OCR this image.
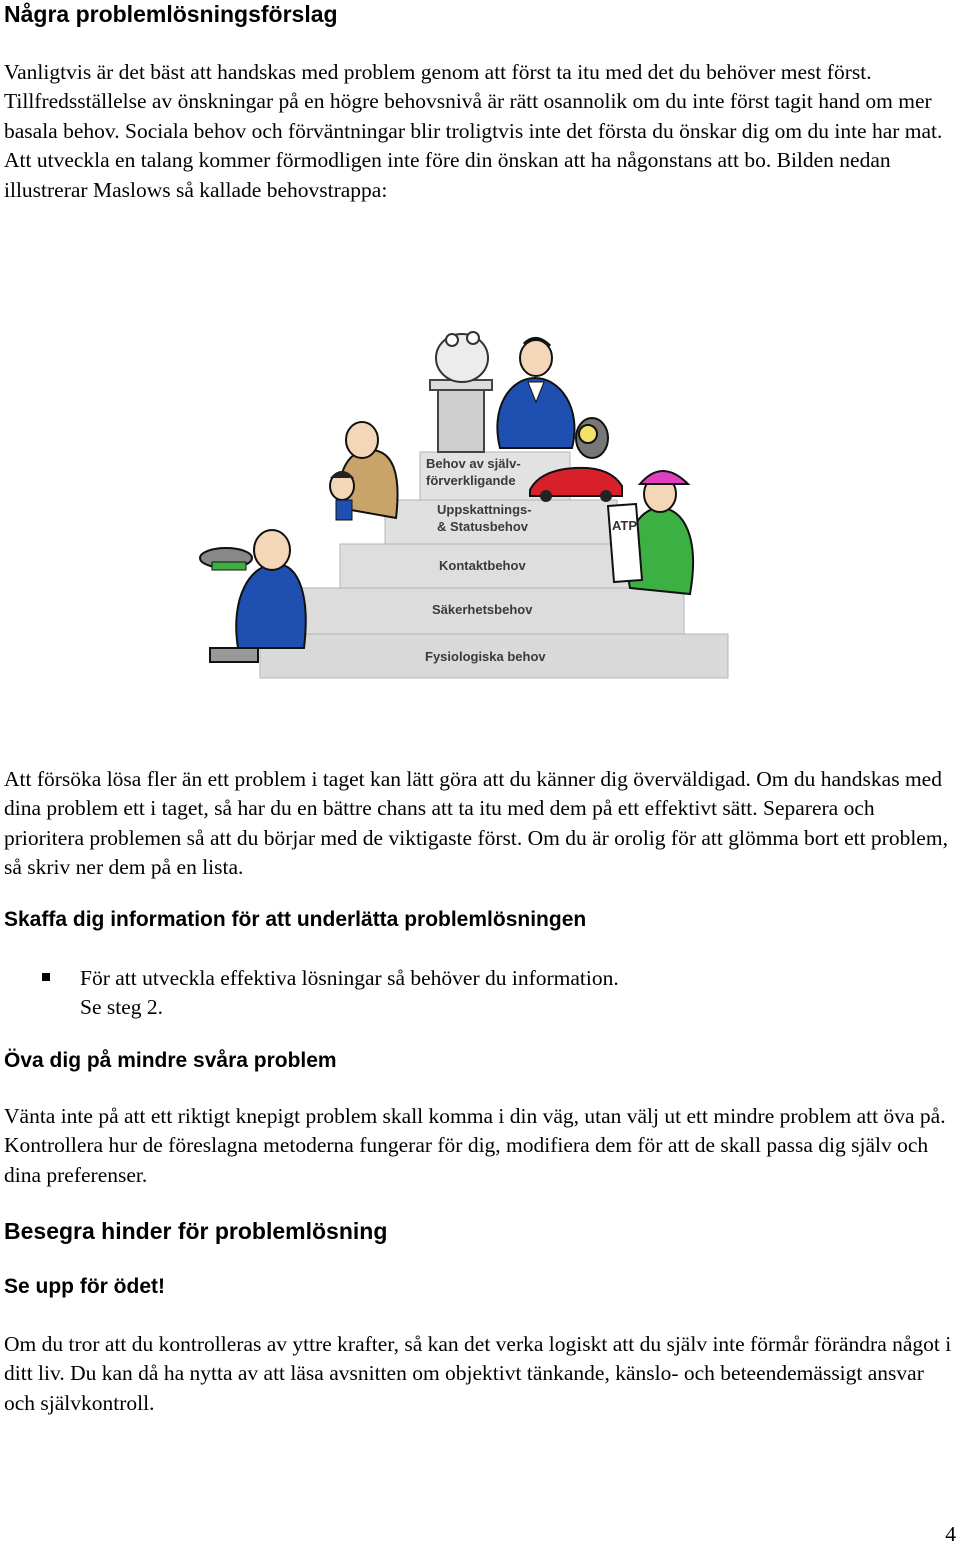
Några problemlösningsförslag

Vanligtvis är det bäst att handskas med problem genom att först ta itu med det du behöver mest först. Tillfredsställelse av önskningar på en högre behovsnivå är rätt osannolik om du inte först tagit hand om mer basala behov. Sociala behov och förväntningar blir troligtvis inte det första du önskar dig om du inte har mat. Att utveckla en talang kommer förmodligen inte före din önskan att ha någonstans att bo. Bilden nedan illustrerar Maslows så kallade behovstrappa:

Fysiologiska behov
Säkerhetsbehov
Kontaktbehov
Uppskattnings-
& Statusbehov
Behov av själv-
förverkligande
ATP

Att försöka lösa fler än ett problem i taget kan lätt göra att du känner dig överväldigad. Om du handskas med dina problem ett i taget, så har du en bättre chans att ta itu med dem på ett effektivt sätt. Separera och prioritera problemen så att du börjar med de viktigaste först. Om du är orolig för att glömma bort ett problem, så skriv ner dem på en lista.

Skaffa dig information för att underlätta problemlösningen

För att utveckla effektiva lösningar så behöver du information.
Se steg 2.

Öva dig på mindre svåra problem

Vänta inte på att ett riktigt knepigt problem skall komma i din väg, utan välj ut ett mindre problem att öva på. Kontrollera hur de föreslagna metoderna fungerar för dig, modifiera dem för att de skall passa dig själv och dina preferenser.

Besegra hinder för problemlösning
Se upp för ödet!

Om du tror att du kontrolleras av yttre krafter, så kan det verka logiskt att du själv inte förmår förändra något i ditt liv. Du kan då ha nytta av att läsa avsnitten om objektivt tänkande, känslo- och beteendemässigt ansvar och självkontroll.

4
